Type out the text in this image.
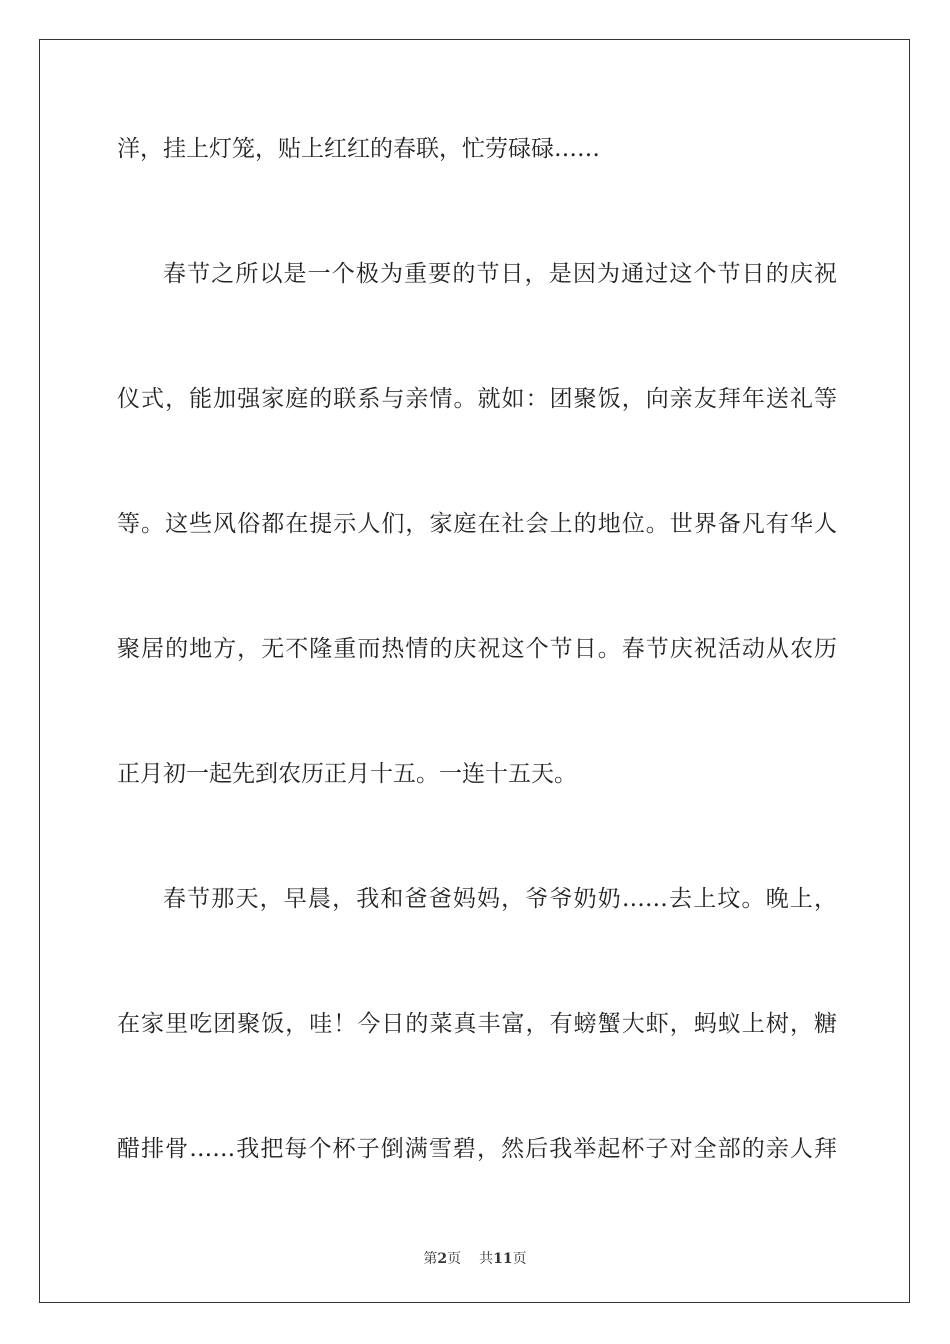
洋，挂上灯笼，贴上红红的春联，忙劳碌碌……
春节之所以是一个极为重要的节日，是因为通过这个节日的庆祝
仪式，能加强家庭的联系与亲情。就如：团聚饭，向亲友拜年送礼等
等。这些风俗都在提示人们，家庭在社会上的地位。世界备凡有华人
聚居的地方，无不隆重而热情的庆祝这个节日。春节庆祝活动从农历
正月初一起先到农历正月十五。一连十五天。
春节那天，早晨，我和爸爸妈妈，爷爷奶奶……去上坟。晚上，
在家里吃团聚饭，哇！今日的菜真丰富，有螃蟹大虾，蚂蚁上树，糖
醋排骨……我把每个杯子倒满雪碧，然后我举起杯子对全部的亲人拜
第2页 共11页
